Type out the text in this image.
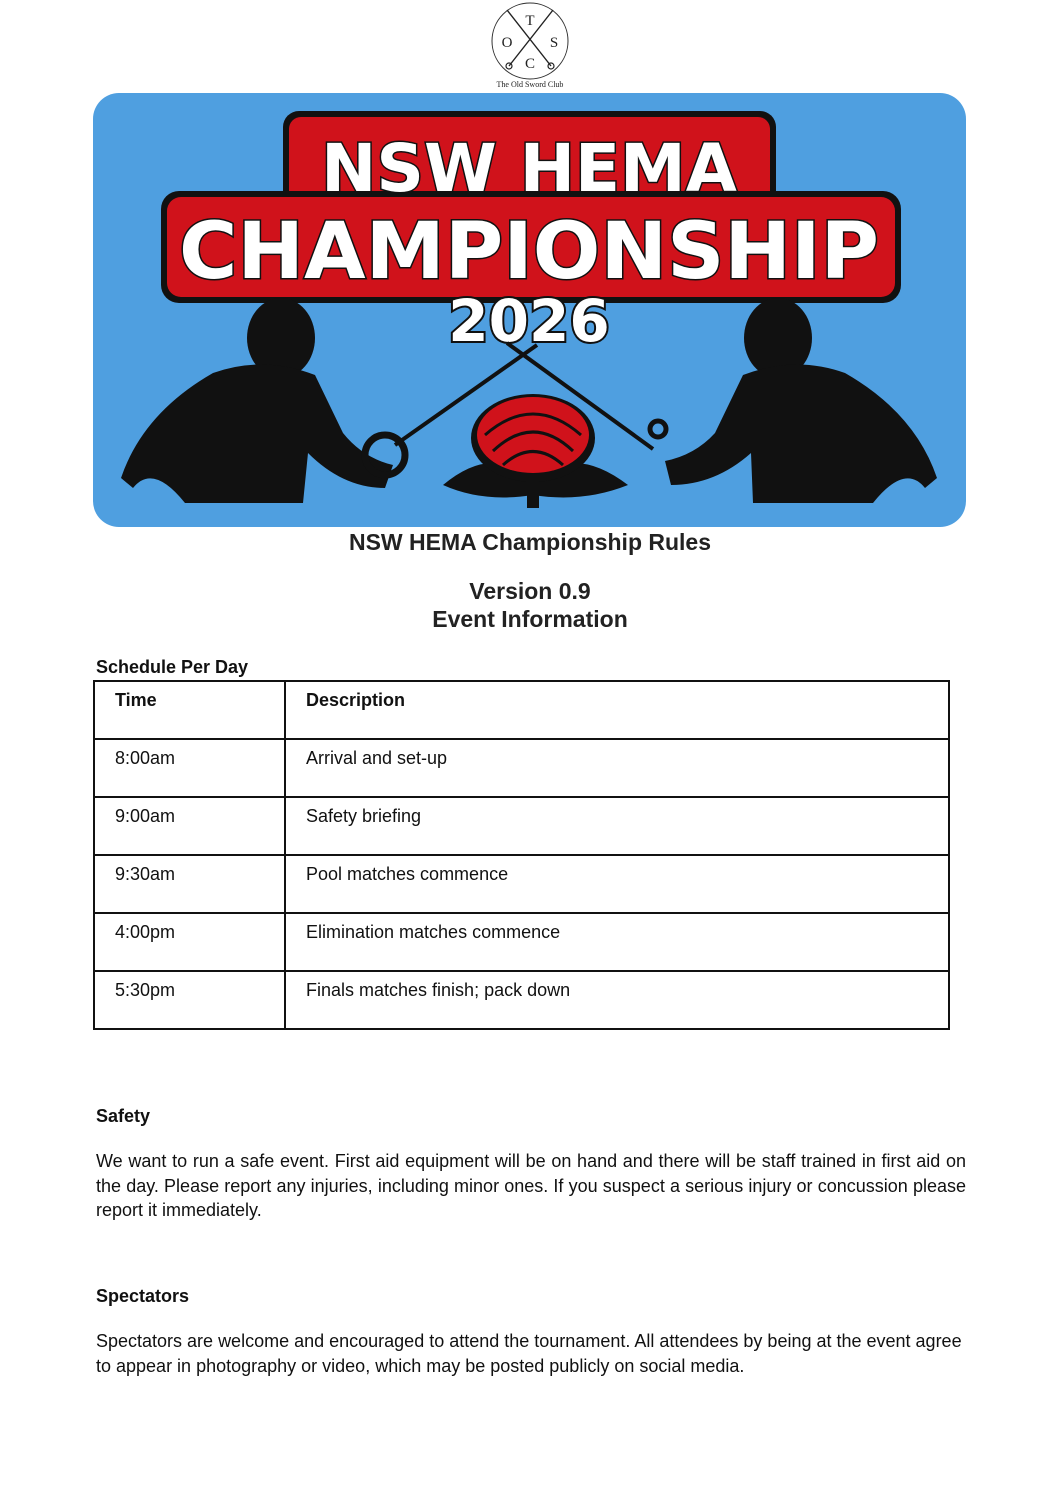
T
O S
C
The Old Sword Club
NSW HEMA
CHAMPIONSHIP
2026
NSW HEMA Championship Rules
Version 0.9
Event Information
Schedule Per Day
Time	Description
8:00am	Arrival and set-up
9:00am	Safety briefing
9:30am	Pool matches commence
4:00pm	Elimination matches commence
5:30pm	Finals matches finish; pack down
Safety
We want to run a safe event. First aid equipment will be on hand and there will be staff trained in first aid on the day. Please report any injuries, including minor ones. If you suspect a serious injury or concussion please report it immediately.
Spectators
Spectators are welcome and encouraged to attend the tournament. All attendees by being at the event agree to appear in photography or video, which may be posted publicly on social media.
